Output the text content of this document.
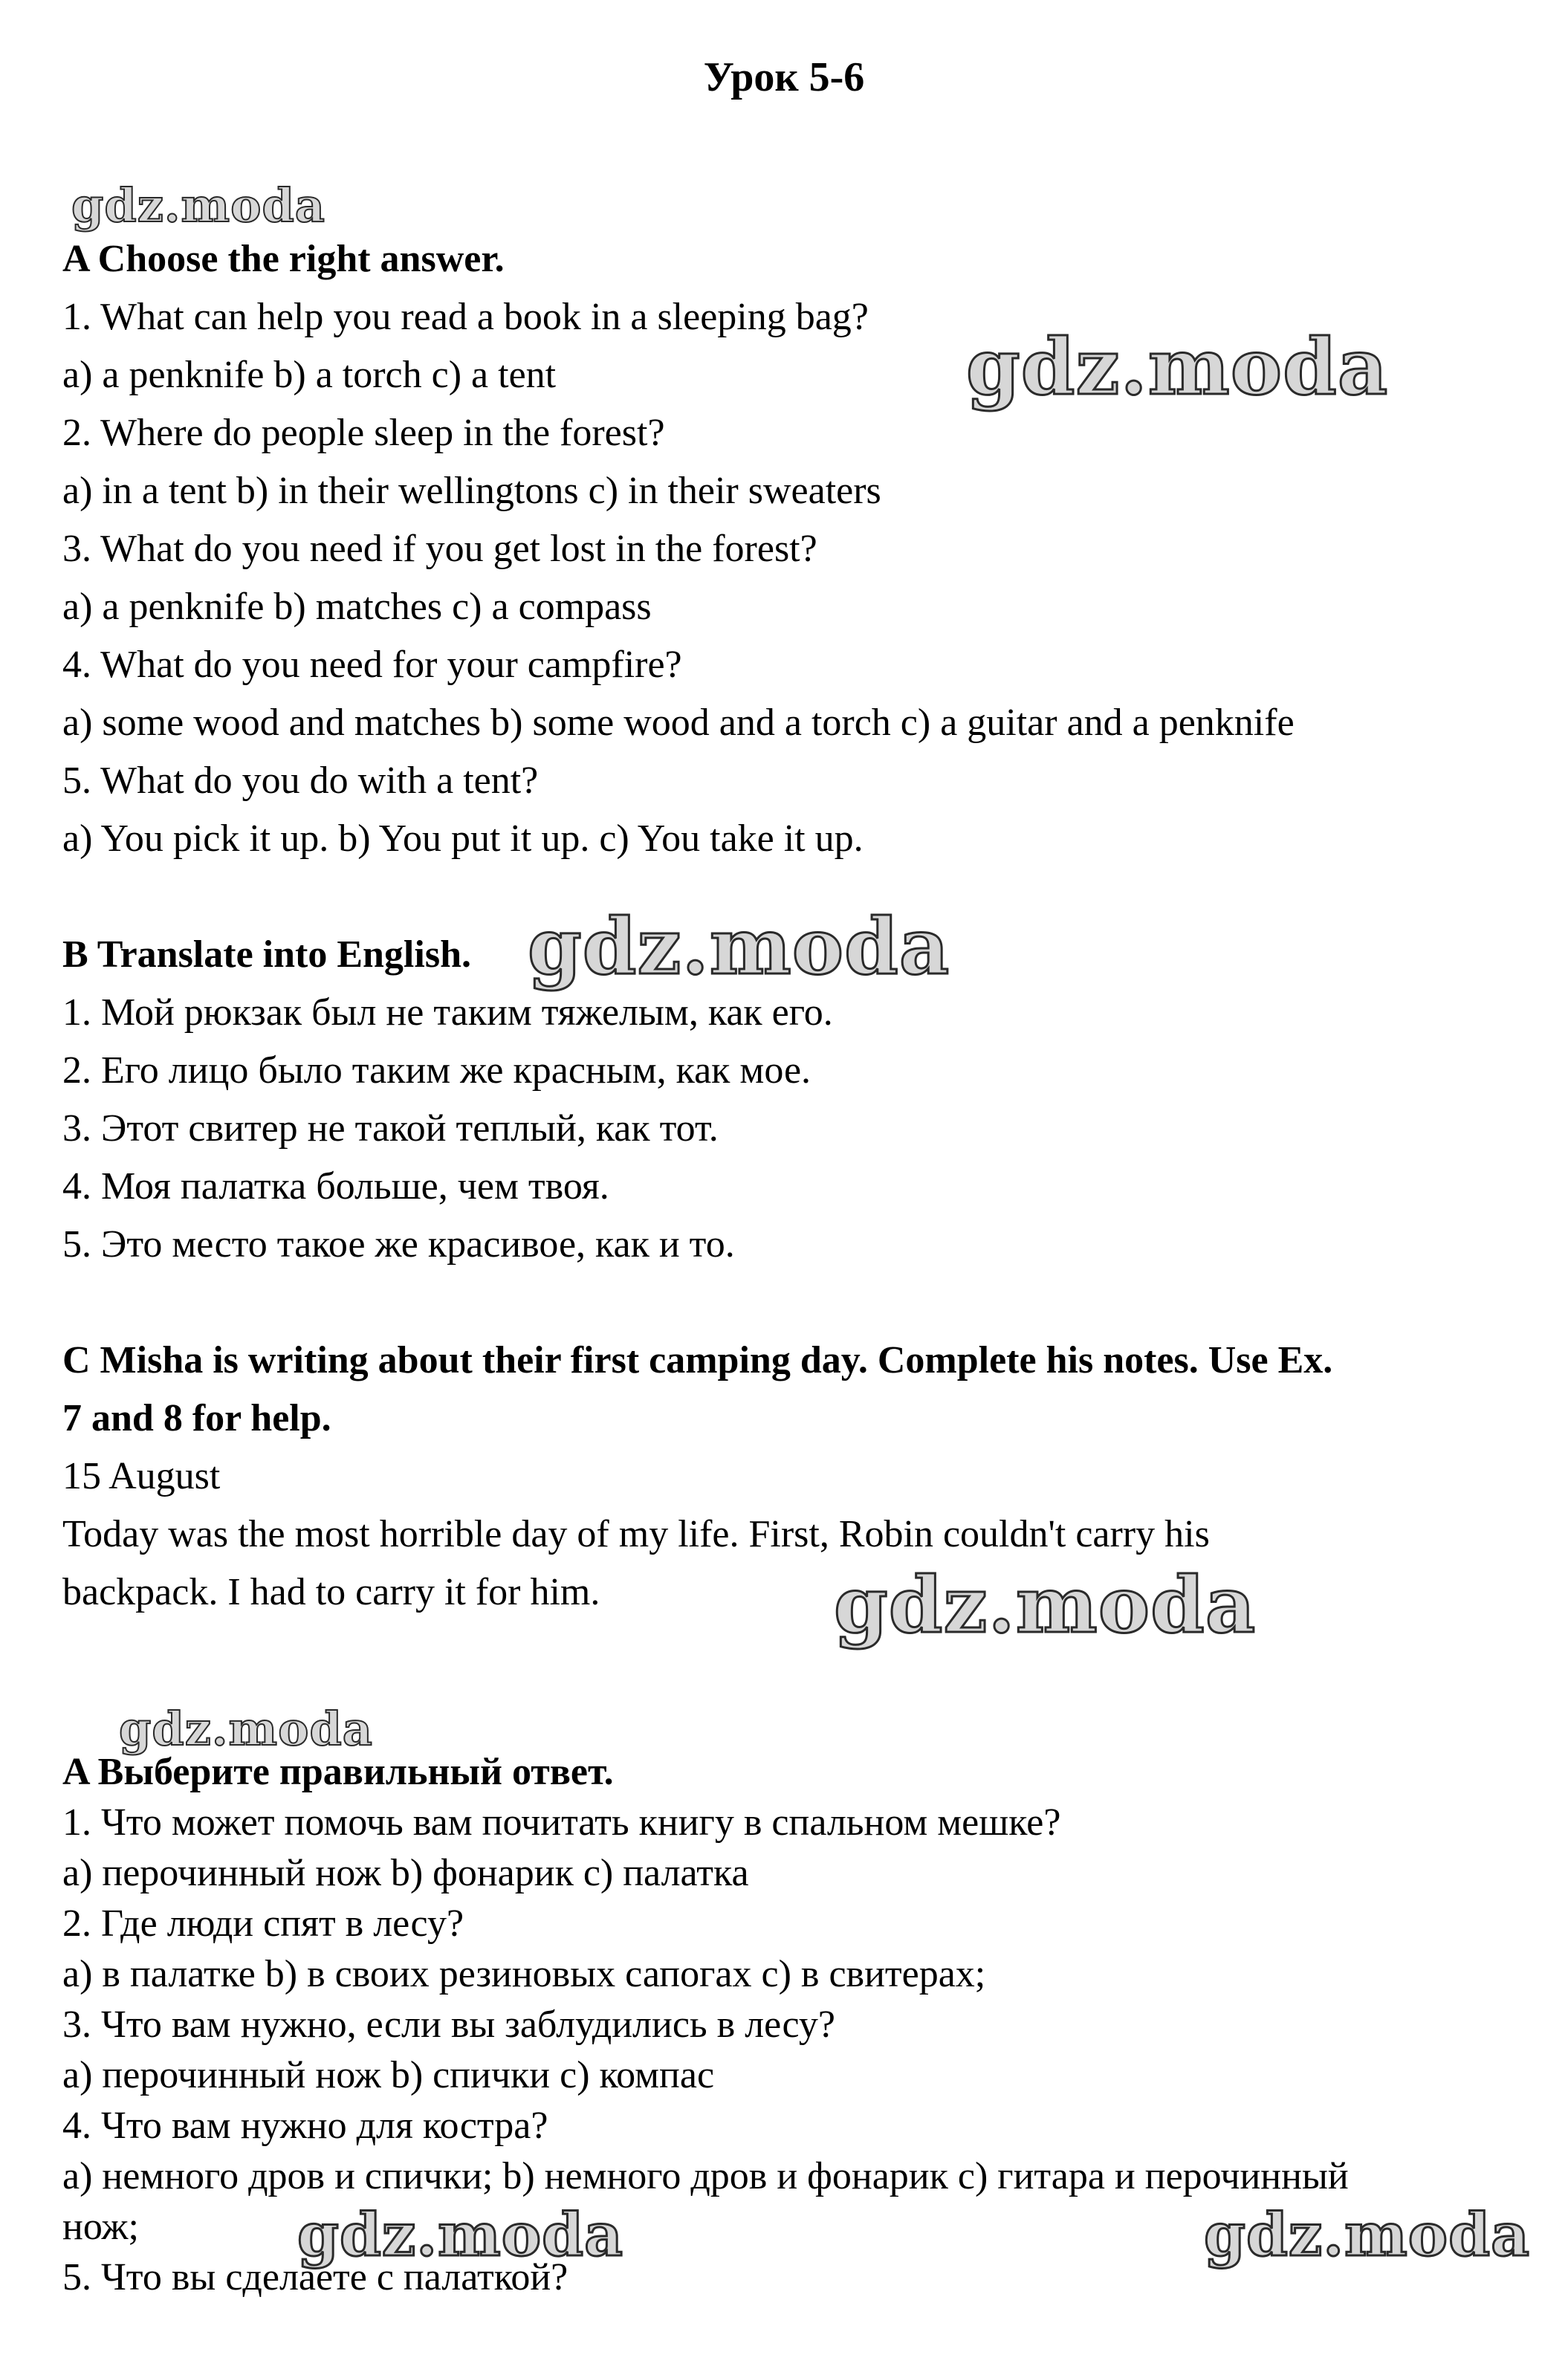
Урок 5-6
gdz.moda
gdz.moda
gdz.moda
gdz.moda
gdz.moda
gdz.moda	gdz.moda
A Choose the right answer.
1. What can help you read a book in a sleeping bag?
a) a penknife b) a torch c) a tent
2. Where do people sleep in the forest?
a) in a tent b) in their wellingtons c) in their sweaters
3. What do you need if you get lost in the forest?
a) a penknife b) matches c) a compass
4. What do you need for your campfire?
a) some wood and matches b) some wood and a torch c) a guitar and a penknife
5. What do you do with a tent?
a) You pick it up. b) You put it up. c) You take it up.
B Translate into English.
1. Мой рюкзак был не таким тяжелым, как его.
2. Его лицо было таким же красным, как мое.
3. Этот свитер не такой теплый, как тот.
4. Моя палатка больше, чем твоя.
5. Это место такое же красивое, как и то.
C Misha is writing about their first camping day. Complete his notes. Use Ex.
7 and 8 for help.
15 August
Today was the most horrible day of my life. First, Robin couldn't carry his
backpack. I had to carry it for him.
A Выберите правильный ответ.
1. Что может помочь вам почитать книгу в спальном мешке?
a) перочинный нож b) фонарик c) палатка
2. Где люди спят в лесу?
a) в палатке b) в своих резиновых сапогах c) в свитерах;
3. Что вам нужно, если вы заблудились в лесу?
a) перочинный нож b) спички c) компас
4. Что вам нужно для костра?
a) немного дров и спички; b) немного дров и фонарик c) гитара и перочинный
нож;
5. Что вы сделаете с палаткой?
